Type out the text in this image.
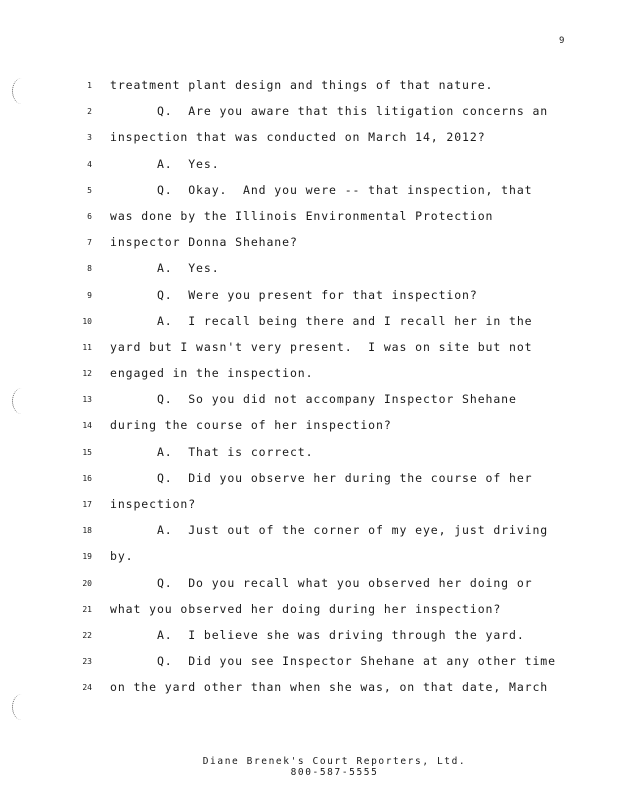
9
1 treatment plant design and things of that nature.
2 Q.  Are you aware that this litigation concerns an
3 inspection that was conducted on March 14, 2012?
4 A.  Yes.
5 Q.  Okay.  And you were -- that inspection, that
6 was done by the Illinois Environmental Protection
7 inspector Donna Shehane?
8 A.  Yes.
9 Q.  Were you present for that inspection?
10 A.  I recall being there and I recall her in the
11 yard but I wasn't very present.  I was on site but not
12 engaged in the inspection.
13 Q.  So you did not accompany Inspector Shehane
14 during the course of her inspection?
15 A.  That is correct.
16 Q.  Did you observe her during the course of her
17 inspection?
18 A.  Just out of the corner of my eye, just driving
19 by.
20 Q.  Do you recall what you observed her doing or
21 what you observed her doing during her inspection?
22 A.  I believe she was driving through the yard.
23 Q.  Did you see Inspector Shehane at any other time
24 on the yard other than when she was, on that date, March
Diane Brenek's Court Reporters, Ltd.
800-587-5555
